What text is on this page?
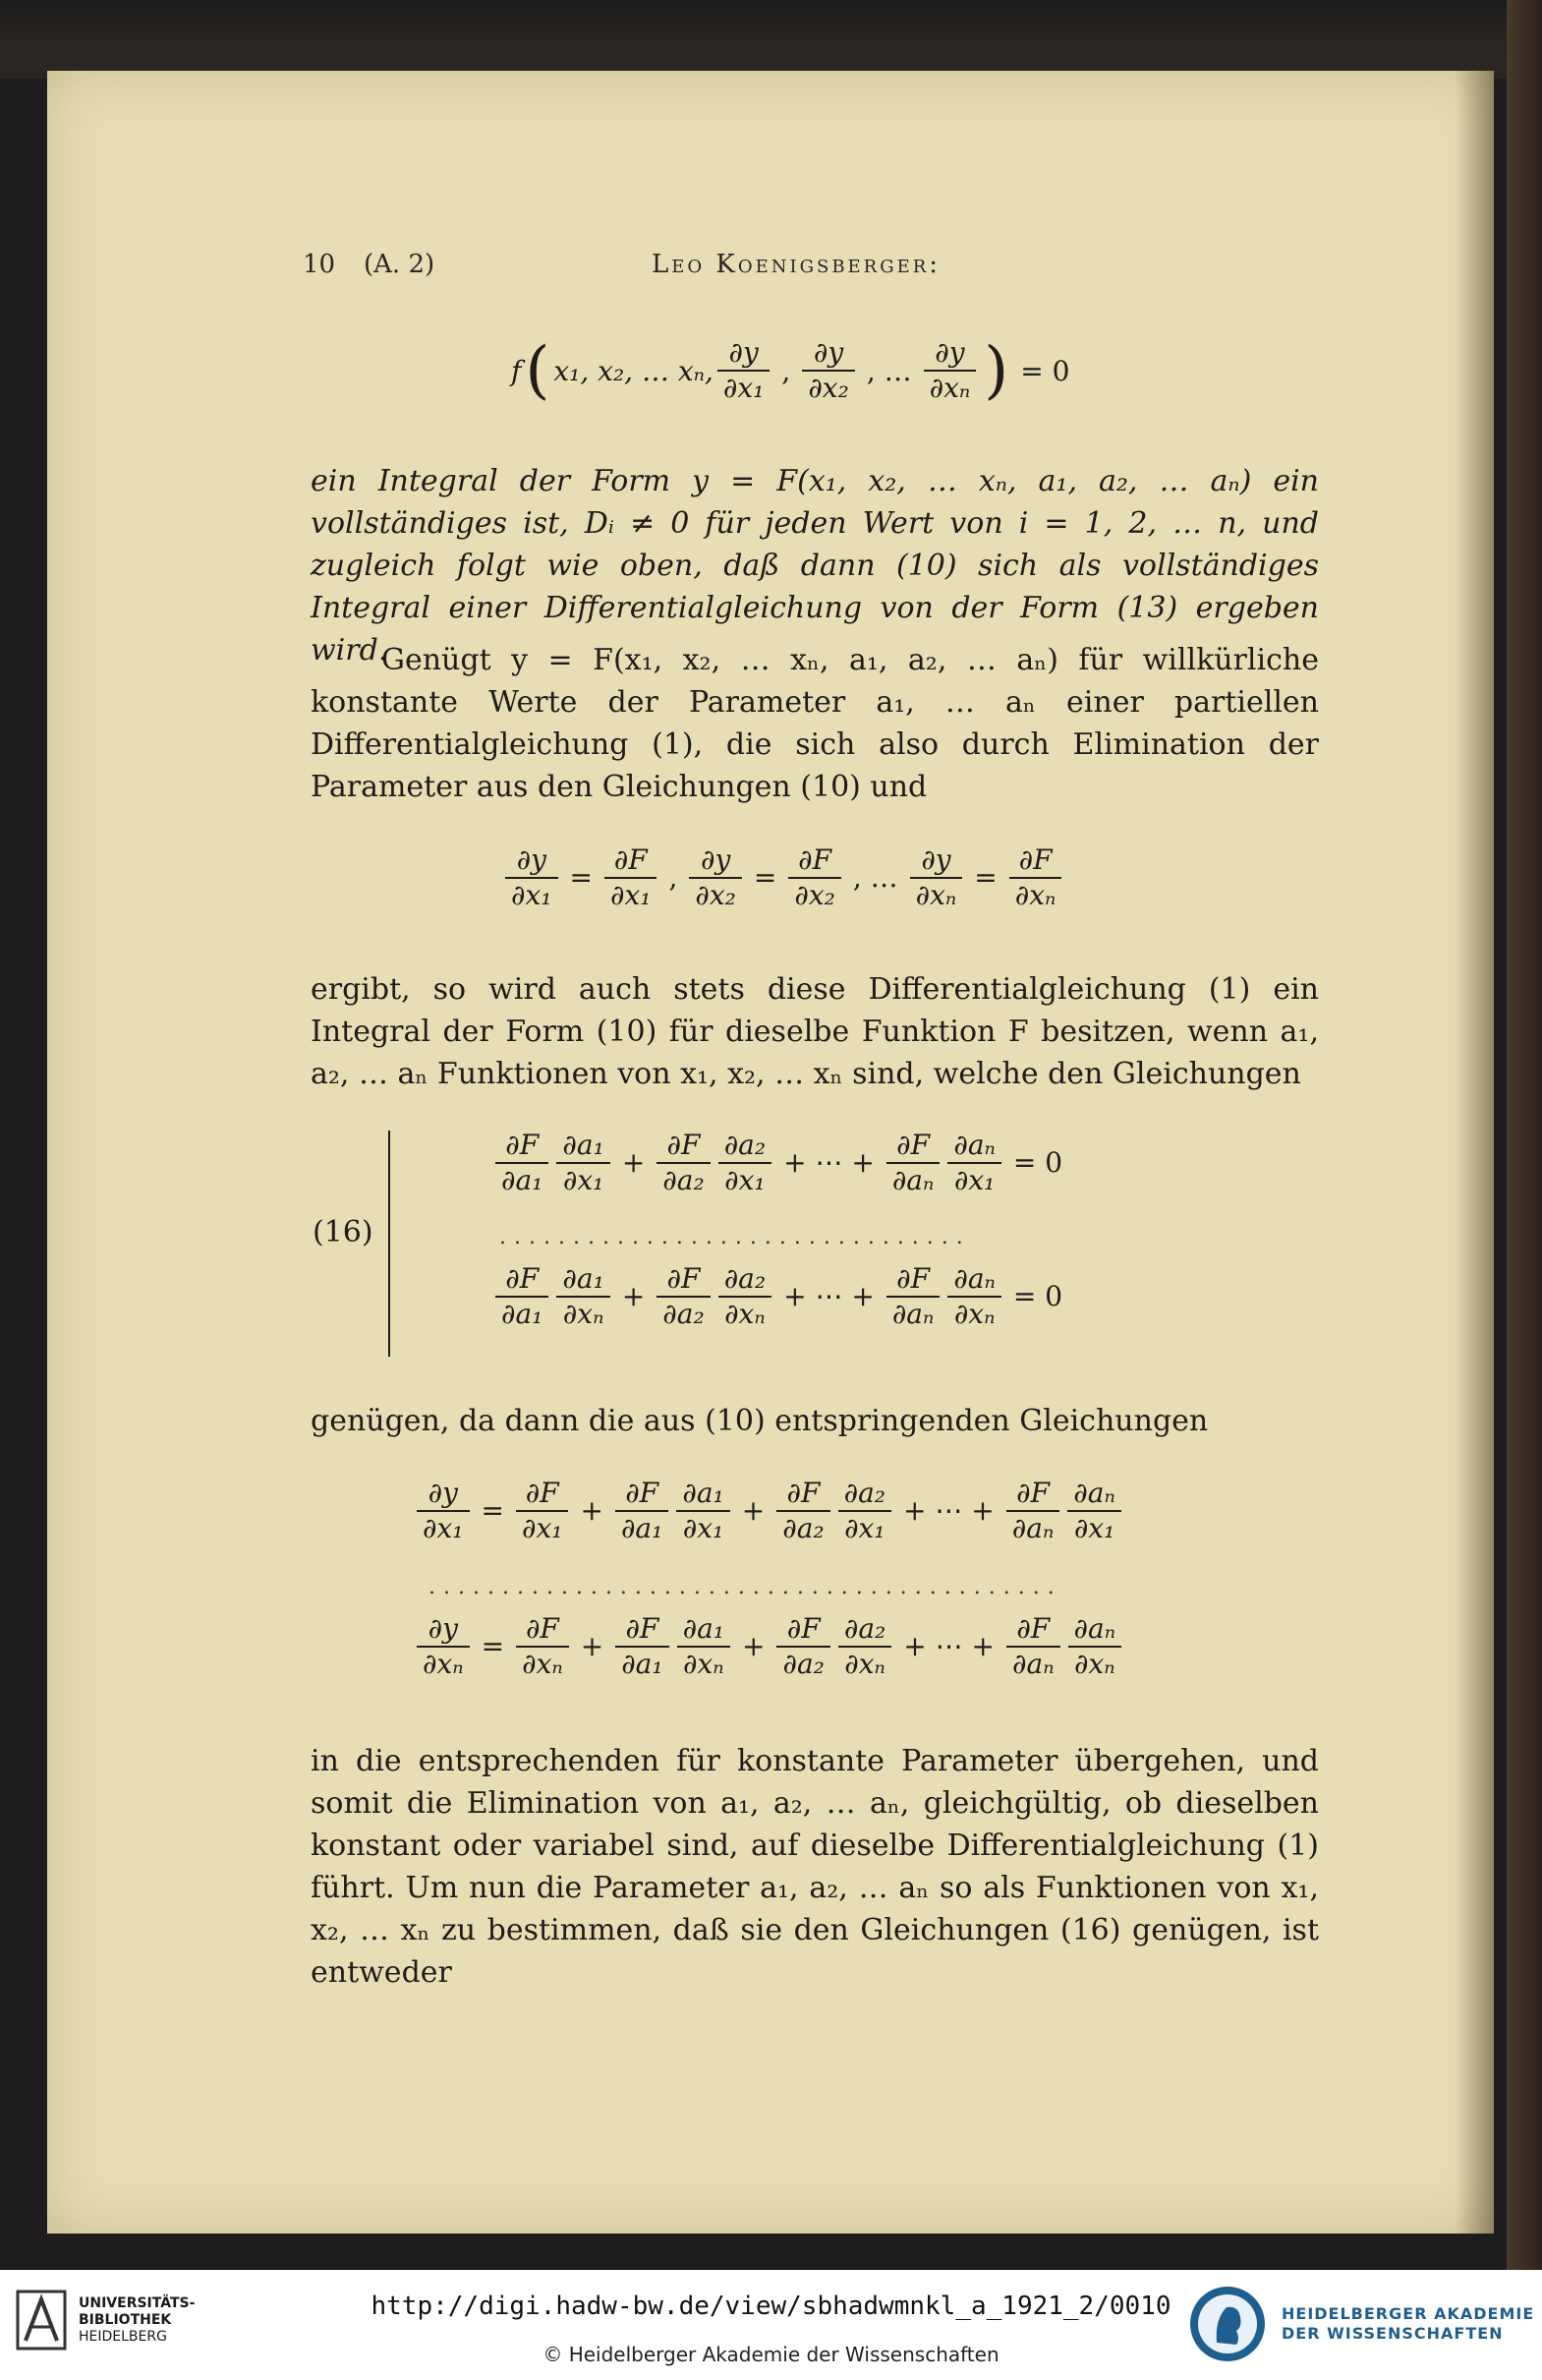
10 (A. 2)	Leo Koenigsberger:
f ( x₁, x₂, … xₙ, $\frac{\partial y}{\text{∂x₁}}$ , $\frac{\partial y}{\text{∂x₂}}$ , … $\frac{\partial y}{\text{∂xₙ}}$ ) = 0

ein Integral der Form y = F(x₁, x₂, … xₙ, a₁, a₂, … aₙ) ein vollständiges ist, Dᵢ ≠ 0 für jeden Wert von i = 1, 2, … n, und zugleich folgt wie oben, daß dann (10) sich als vollständiges Integral einer Differentialgleichung von der Form (13) ergeben wird.

Genügt y = F(x₁, x₂, … xₙ, a₁, a₂, … aₙ) für willkürliche konstante Werte der Parameter a₁, … aₙ einer partiellen Differentialgleichung (1), die sich also durch Elimination der Parameter aus den Gleichungen (10) und

$\frac{\partial y}{\text{∂x₁}} = \frac{\partial F}{\text{∂x₁}}$ , $\frac{\partial y}{\text{∂x₂}} = \frac{\partial F}{\text{∂x₂}}$ , … $\frac{\partial y}{\text{∂xₙ}} = \frac{\partial F}{\text{∂xₙ}}$

ergibt, so wird auch stets diese Differentialgleichung (1) ein Integral der Form (10) für dieselbe Funktion F besitzen, wenn a₁, a₂, … aₙ Funktionen von x₁, x₂, … xₙ sind, welche den Gleichungen

(16)
$\frac{\partial F}{\text{∂a₁}} \frac{\text{∂a₁}}{\text{∂x₁}} + \frac{\partial F}{\text{∂a₂}} \frac{\text{∂a₂}}{\text{∂x₁}}$ + ⋯ + $\frac{\partial F}{\text{∂aₙ}} \frac{\text{∂aₙ}}{\text{∂x₁}} = 0$
................................
$\frac{\partial F}{\text{∂a₁}} \frac{\text{∂a₁}}{\text{∂xₙ}} + \frac{\partial F}{\text{∂a₂}} \frac{\text{∂a₂}}{\text{∂xₙ}}$ + ⋯ + $\frac{\partial F}{\text{∂aₙ}} \frac{\text{∂aₙ}}{\text{∂xₙ}} = 0$

genügen, da dann die aus (10) entspringenden Gleichungen

$\frac{\partial y}{\text{∂x₁}} = \frac{\partial F}{\text{∂x₁}} + \frac{\partial F}{\text{∂a₁}} \frac{\text{∂a₁}}{\text{∂x₁}} + \frac{\partial F}{\text{∂a₂}} \frac{\text{∂a₂}}{\text{∂x₁}}$ + ⋯ + $\frac{\partial F}{\text{∂aₙ}} \frac{\text{∂aₙ}}{\text{∂x₁}}$
...........................................
$\frac{\partial y}{\text{∂xₙ}} = \frac{\partial F}{\text{∂xₙ}} + \frac{\partial F}{\text{∂a₁}} \frac{\text{∂a₁}}{\text{∂xₙ}} + \frac{\partial F}{\text{∂a₂}} \frac{\text{∂a₂}}{\text{∂xₙ}}$ + ⋯ + $\frac{\partial F}{\text{∂aₙ}} \frac{\text{∂aₙ}}{\text{∂xₙ}}$

in die entsprechenden für konstante Parameter übergehen, und somit die Elimination von a₁, a₂, … aₙ, gleichgültig, ob dieselben konstant oder variabel sind, auf dieselbe Differentialgleichung (1) führt. Um nun die Parameter a₁, a₂, … aₙ so als Funktionen von x₁, x₂, … xₙ zu bestimmen, daß sie den Gleichungen (16) genügen, ist entweder

UNIVERSITÄTS-
BIBLIOTHEK
HEIDELBERG
http://digi.hadw-bw.de/view/sbhadwmnkl_a_1921_2/0010
© Heidelberger Akademie der Wissenschaften
HEIDELBERGER AKADEMIE
DER WISSENSCHAFTEN
